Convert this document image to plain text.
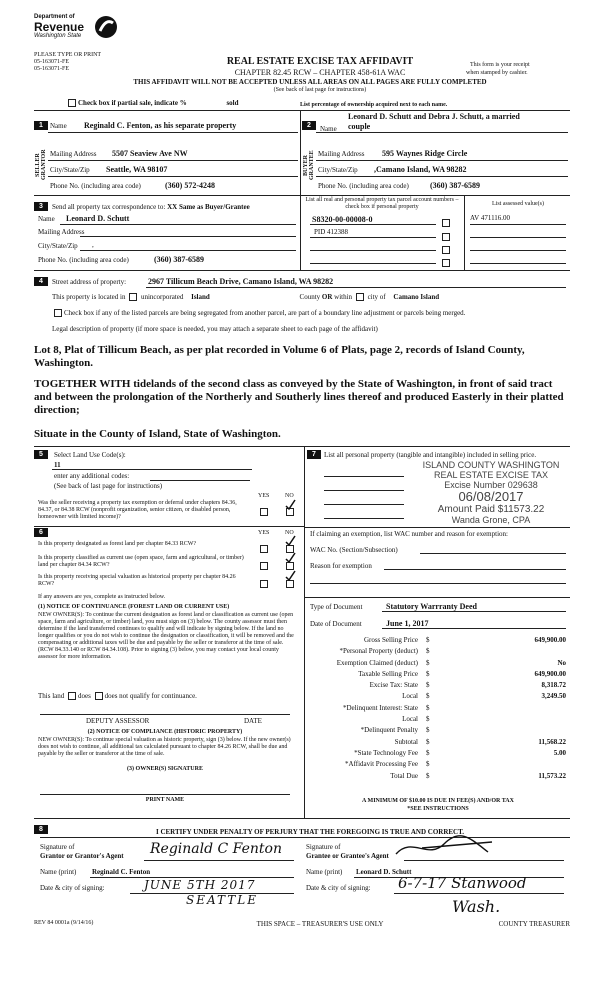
Department of
Revenue
Washington State
PLEASE TYPE OR PRINT
05-163071-FE
05-163071-FE
REAL ESTATE EXCISE TAX AFFIDAVIT
CHAPTER 82.45 RCW – CHAPTER 458-61A WAC
This form is your receipt
when stamped by cashier.
THIS AFFIDAVIT WILL NOT BE ACCEPTED UNLESS ALL AREAS ON ALL PAGES ARE FULLY COMPLETED
(See back of last page for instructions)
Check box if partial sale, indicate %	sold	List percentage of ownership acquired next to each name.
1
SELLER GRANTOR
Name Reginald C. Fenton, as his separate property
Mailing Address 5507 Seaview Ave NW
City/State/Zip Seattle, WA 98107
Phone No. (including area code)	(360) 572-4248
2
BUYER GRANTEE
Leonard D. Schutt and Debra J. Schutt, a married
Name couple
Mailing Address 595 Waynes Ridge Circle
City/State/Zip ,Camano Island, WA 98282
Phone No. (including area code)	(360) 387-6589
3	Send all property tax correspondence to: XX Same as Buyer/Grantee
Name Leonard D. Schutt
Mailing Address
City/State/Zip ,
Phone No. (including area code)	(360) 387-6589
List all real and personal property tax parcel account numbers – check box if personal property	List assessed value(s)
S8320-00-00008-0	AV 471116.00
PID 412388
4	Street address of property:	2967 Tillicum Beach Drive, Camano Island, WA 98282
This property is located in unincorporated Island	County OR within city of Camano Island
Check box if any of the listed parcels are being segregated from another parcel, are part of a boundary line adjustment or parcels being merged.
Legal description of property (if more space is needed, you may attach a separate sheet to each page of the affidavit)
Lot 8, Plat of Tillicum Beach, as per plat recorded in Volume 6 of Plats, page 2, records of Island County, Washington.
TOGETHER WITH tidelands of the second class as conveyed by the State of Washington, in front of said tract and between the prolongation of the Northerly and Southerly lines thereof and produced Easterly in their platted direction;
Situate in the County of Island, State of Washington.
5	Select Land Use Code(s):
11
enter any additional codes:
(See back of last page for instructions)
YES	NO
Was the seller receiving a property tax exemption or deferral under chapters 84.36, 84.37, or 84.38 RCW (nonprofit organization, senior citizen, or disabled person, homeowner with limited income)?
6	YES	NO
Is this property designated as forest land per chapter 84.33 RCW?
Is this property classified as current use (open space, farm and agricultural, or timber) land per chapter 84.34 RCW?
Is this property receiving special valuation as historical property per chapter 84.26 RCW?
If any answers are yes, complete as instructed below.
(1) NOTICE OF CONTINUANCE (FOREST LAND OR CURRENT USE)
NEW OWNER(S): To continue the current designation as forest land or classification as current use (open space, farm and agriculture, or timber) land, you must sign on (3) below. The county assessor must then determine if the land transferred continues to qualify and will indicate by signing below. If the land no longer qualifies or you do not wish to continue the designation or classification, it will be removed and the compensating or additional taxes will be due and payable by the seller or transferor at the time of sale. (RCW 84.33.140 or RCW 84.34.108). Prior to signing (3) below, you may contact your local county assessor for more information.
This land does does not qualify for continuance.
DEPUTY ASSESSOR	DATE
(2) NOTICE OF COMPLIANCE (HISTORIC PROPERTY)
NEW OWNER(S): To continue special valuation as historic property, sign (3) below. If the new owner(s) does not wish to continue, all additional tax calculated pursuant to chapter 84.26 RCW, shall be due and payable by the seller or transferor at the time of sale.
(3) OWNER(S) SIGNATURE
PRINT NAME
7	List all personal property (tangible and intangible) included in selling price.
ISLAND COUNTY WASHINGTON
REAL ESTATE EXCISE TAX
Excise Number 029638
06/08/2017
Amount Paid $11573.22
Wanda Grone, CPA
If claiming an exemption, list WAC number and reason for exemption:
WAC No. (Section/Subsection)
Reason for exemption
Type of Document	Statutory Warrranty Deed
Date of Document	June 1, 2017
Gross Selling Price $	649,900.00
*Personal Property (deduct) $
Exemption Claimed (deduct) $	No
Taxable Selling Price $	649,900.00
Excise Tax: State $	8,318.72
Local $	3,249.50
*Delinquent Interest: State $
Local $
*Delinquent Penalty $
Subtotal $	11,568.22
*State Technology Fee $	5.00
*Affidavit Processing Fee $
Total Due $	11,573.22
A MINIMUM OF $10.00 IS DUE IN FEE(S) AND/OR TAX
*SEE INSTRUCTIONS
8	I CERTIFY UNDER PENALTY OF PERJURY THAT THE FOREGOING IS TRUE AND CORRECT.
Signature of
Grantor or Grantor's Agent Reginald C Fenton	Signature of
Grantee or Grantee's Agent
Name (print) Reginald C. Fenton	Name (print) Leonard D. Schutt
Date & city of signing:	JUNE 5TH 2017
SEATTLE
Date & city of signing: 6-7-17 Stanwood
Wash.
REV 84 0001a (9/14/16)	THIS SPACE – TREASURER'S USE ONLY	COUNTY TREASURER
